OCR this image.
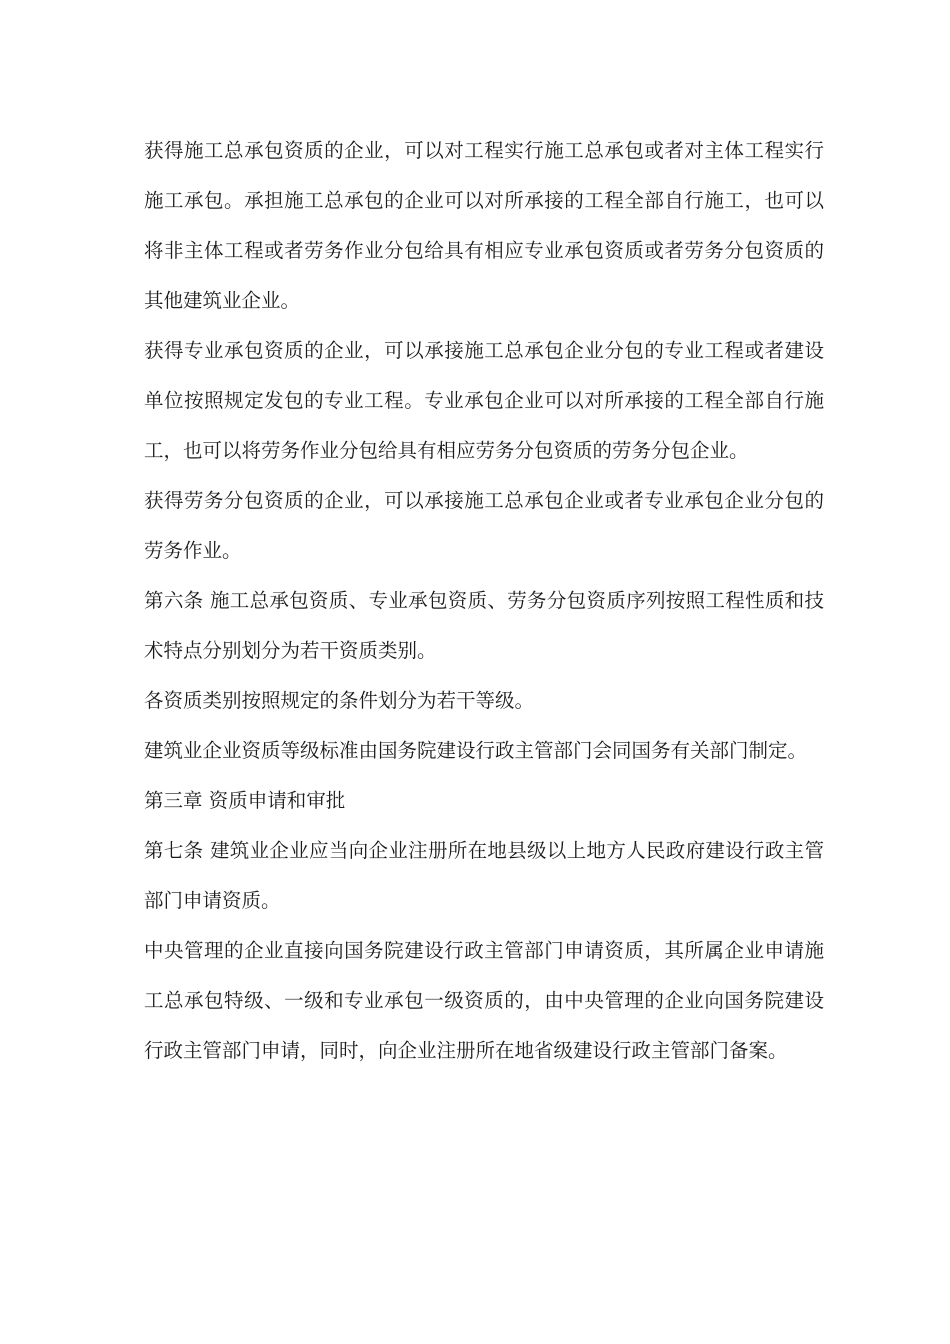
获得施工总承包资质的企业，可以对工程实行施工总承包或者对主体工程实行施工承包。承担施工总承包的企业可以对所承接的工程全部自行施工，也可以将非主体工程或者劳务作业分包给具有相应专业承包资质或者劳务分包资质的其他建筑业企业。

获得专业承包资质的企业，可以承接施工总承包企业分包的专业工程或者建设单位按照规定发包的专业工程。专业承包企业可以对所承接的工程全部自行施工，也可以将劳务作业分包给具有相应劳务分包资质的劳务分包企业。

获得劳务分包资质的企业，可以承接施工总承包企业或者专业承包企业分包的劳务作业。

第六条 施工总承包资质、专业承包资质、劳务分包资质序列按照工程性质和技术特点分别划分为若干资质类别。

各资质类别按照规定的条件划分为若干等级。

建筑业企业资质等级标准由国务院建设行政主管部门会同国务有关部门制定。

第三章 资质申请和审批

第七条 建筑业企业应当向企业注册所在地县级以上地方人民政府建设行政主管部门申请资质。

中央管理的企业直接向国务院建设行政主管部门申请资质，其所属企业申请施工总承包特级、一级和专业承包一级资质的，由中央管理的企业向国务院建设行政主管部门申请，同时，向企业注册所在地省级建设行政主管部门备案。
